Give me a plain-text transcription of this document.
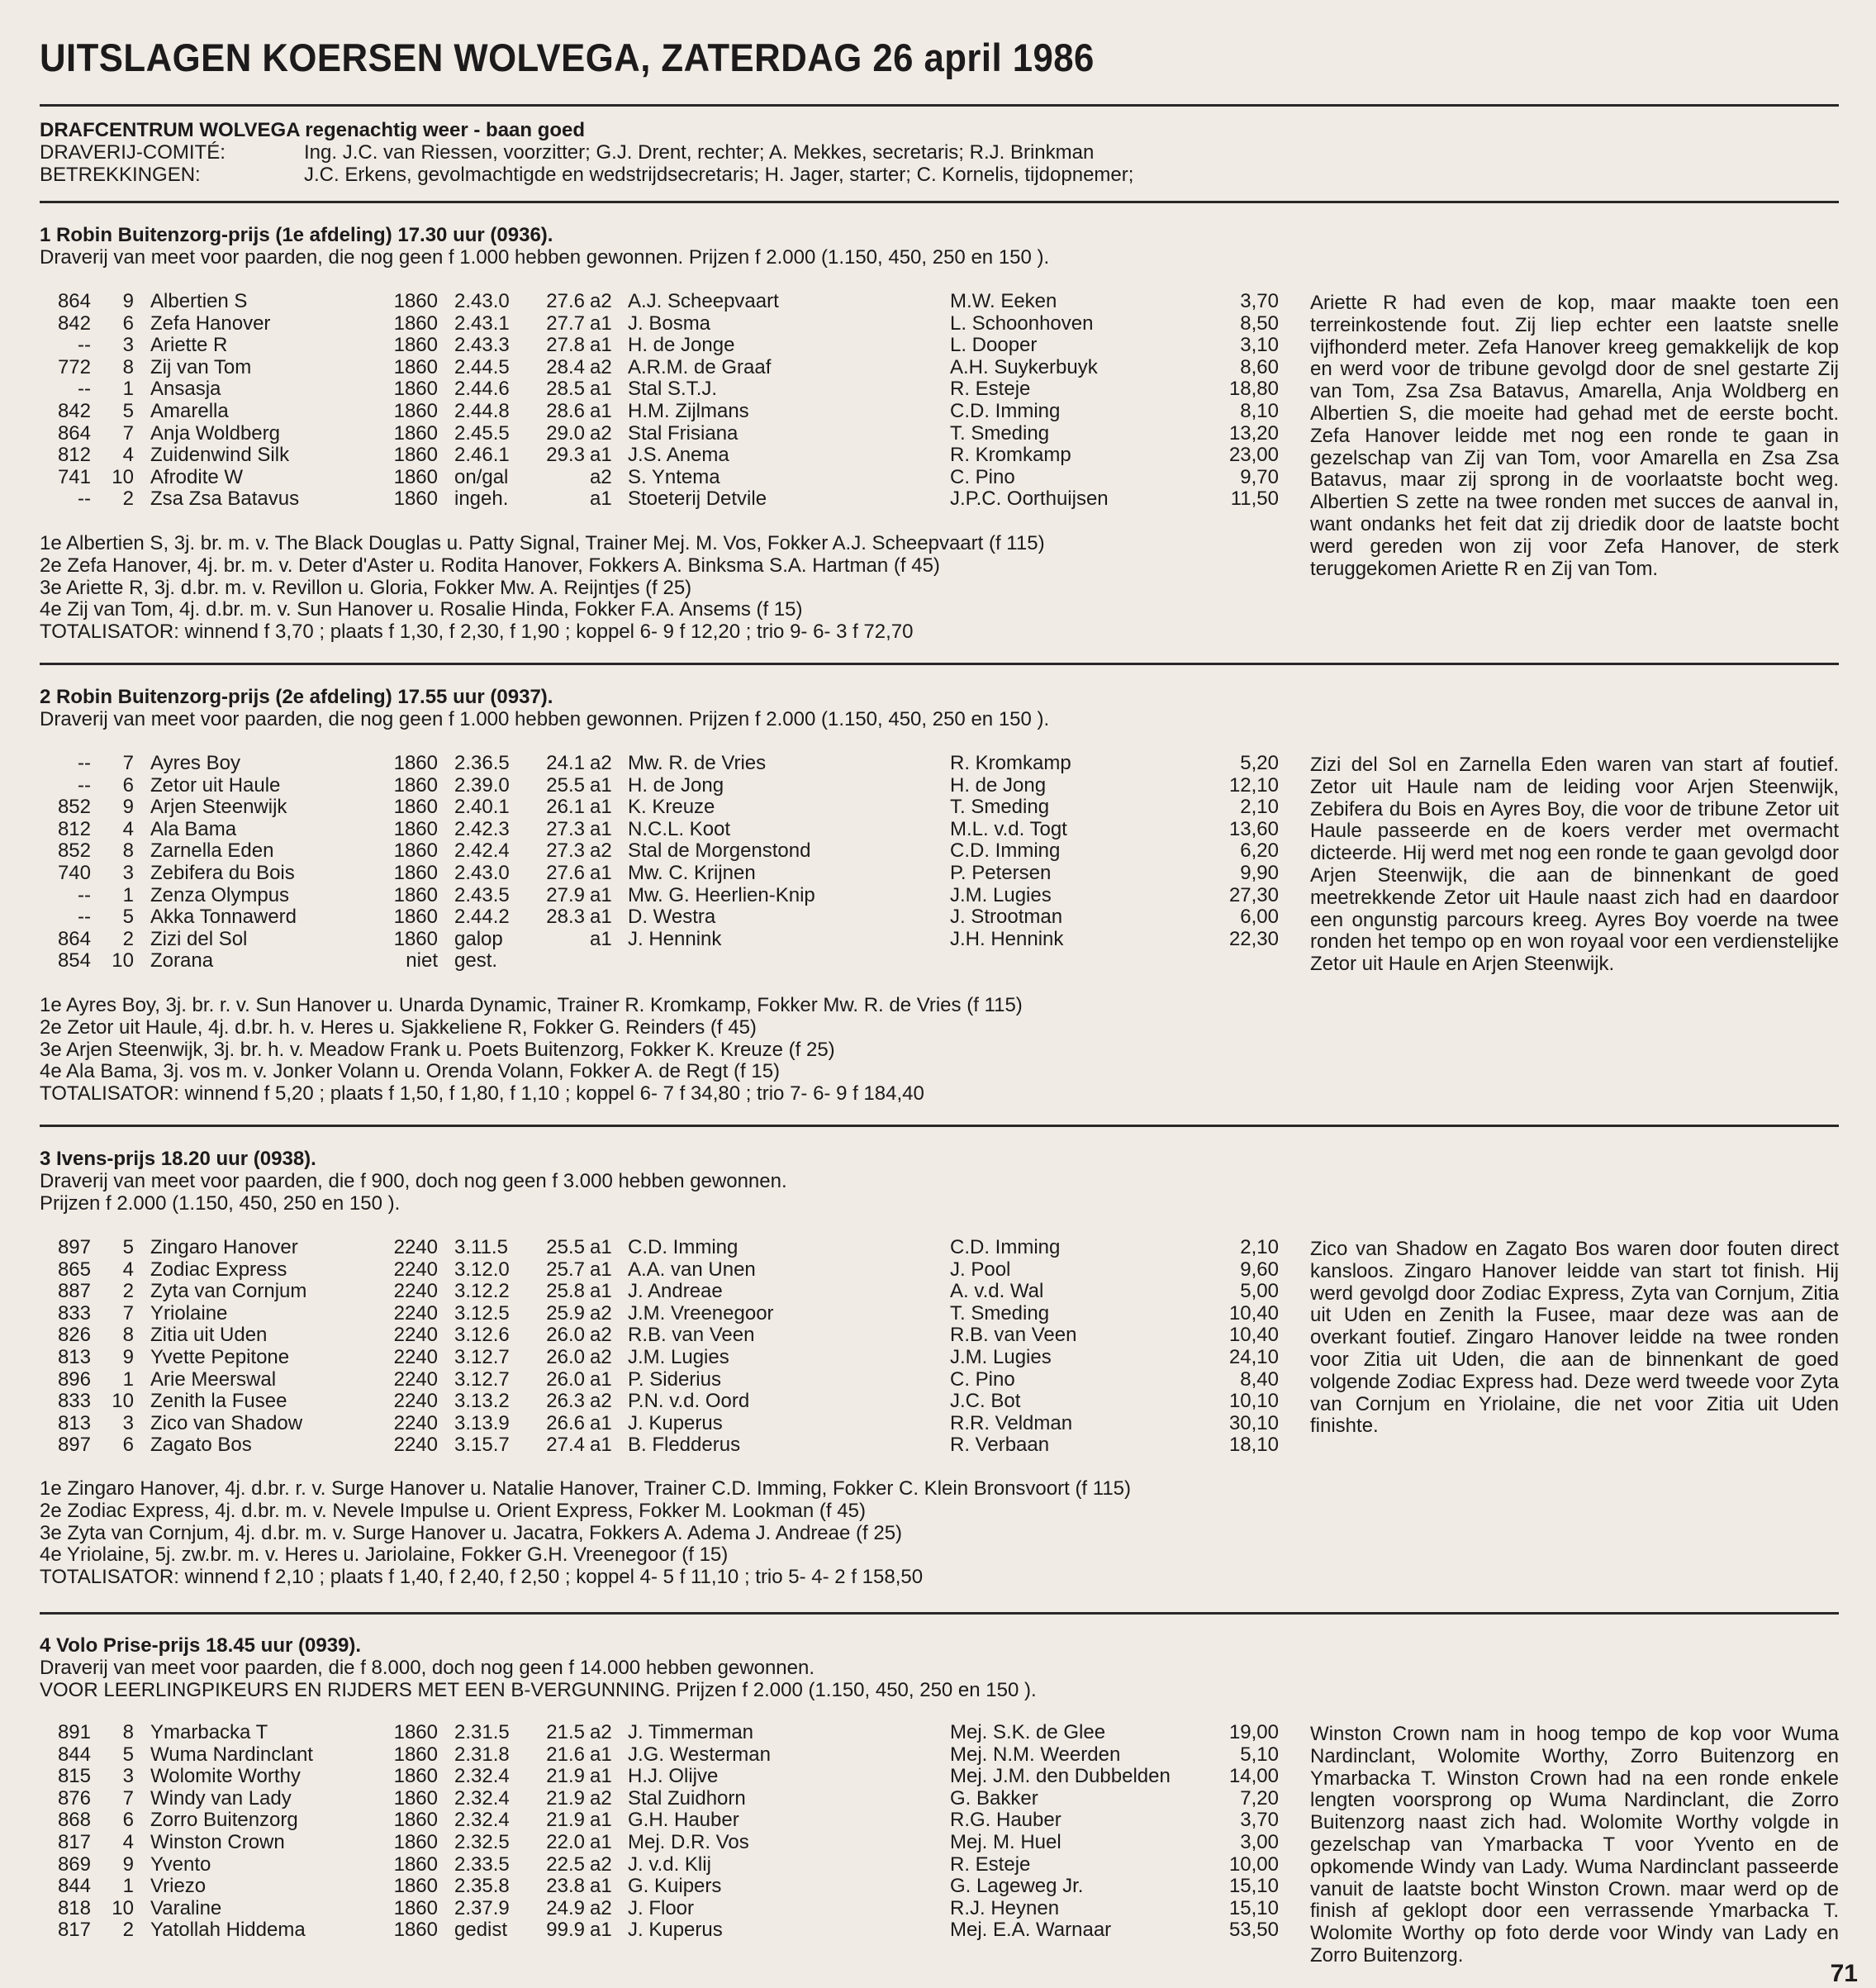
UITSLAGEN KOERSEN WOLVEGA, ZATERDAG 26 april 1986
DRAFCENTRUM WOLVEGA regenachtig weer - baan goed
DRAVERIJ-COMITÉ:	Ing. J.C. van Riessen, voorzitter; G.J. Drent, rechter; A. Mekkes, secretaris; R.J. Brinkman
BETREKKINGEN:	J.C. Erkens, gevolmachtigde en wedstrijdsecretaris; H. Jager, starter; C. Kornelis, tijdopnemer;
1 Robin Buitenzorg-prijs (1e afdeling) 17.30 uur (0936).
Draverij van meet voor paarden, die nog geen f 1.000 hebben gewonnen. Prijzen f 2.000 (1.150, 450, 250 en 150 ).
864	9	Albertien S	1860	2.43.0	27.6	a2	A.J. Scheepvaart	M.W. Eeken	3,70
842	6	Zefa Hanover	1860	2.43.1	27.7	a1	J. Bosma	L. Schoonhoven	8,50
--	3	Ariette R	1860	2.43.3	27.8	a1	H. de Jonge	L. Dooper	3,10
772	8	Zij van Tom	1860	2.44.5	28.4	a2	A.R.M. de Graaf	A.H. Suykerbuyk	8,60
--	1	Ansasja	1860	2.44.6	28.5	a1	Stal S.T.J.	R. Esteje	18,80
842	5	Amarella	1860	2.44.8	28.6	a1	H.M. Zijlmans	C.D. Imming	8,10
864	7	Anja Woldberg	1860	2.45.5	29.0	a2	Stal Frisiana	T. Smeding	13,20
812	4	Zuidenwind Silk	1860	2.46.1	29.3	a1	J.S. Anema	R. Kromkamp	23,00
741	10	Afrodite W	1860	on/gal		a2	S. Yntema	C. Pino	9,70
--	2	Zsa Zsa Batavus	1860	ingeh.		a1	Stoeterij Detvile	J.P.C. Oorthuijsen	11,50
1e Albertien S, 3j. br. m. v. The Black Douglas u. Patty Signal, Trainer Mej. M. Vos, Fokker A.J. Scheepvaart (f 115)
2e Zefa Hanover, 4j. br. m. v. Deter d'Aster u. Rodita Hanover, Fokkers A. Binksma S.A. Hartman (f 45)
3e Ariette R, 3j. d.br. m. v. Revillon u. Gloria, Fokker Mw. A. Reijntjes (f 25)
4e Zij van Tom, 4j. d.br. m. v. Sun Hanover u. Rosalie Hinda, Fokker F.A. Ansems (f 15)
TOTALISATOR: winnend f 3,70 ; plaats f 1,30, f 2,30, f 1,90 ; koppel 6- 9 f 12,20 ; trio 9- 6- 3 f 72,70
Ariette R had even de kop, maar maakte toen een terreinkostende fout. Zij liep echter een laatste snelle vijfhonderd meter. Zefa Hanover kreeg gemakkelijk de kop en werd voor de tribune gevolgd door de snel gestarte Zij van Tom, Zsa Zsa Batavus, Amarella, Anja Woldberg en Albertien S, die moeite had gehad met de eerste bocht. Zefa Hanover leidde met nog een ronde te gaan in gezelschap van Zij van Tom, voor Amarella en Zsa Zsa Batavus, maar zij sprong in de voorlaatste bocht weg. Albertien S zette na twee ronden met succes de aanval in, want ondanks het feit dat zij driedik door de laatste bocht werd gereden won zij voor Zefa Hanover, de sterk teruggekomen Ariette R en Zij van Tom.
2 Robin Buitenzorg-prijs (2e afdeling) 17.55 uur (0937).
Draverij van meet voor paarden, die nog geen f 1.000 hebben gewonnen. Prijzen f 2.000 (1.150, 450, 250 en 150 ).
--	7	Ayres Boy	1860	2.36.5	24.1	a2	Mw. R. de Vries	R. Kromkamp	5,20
--	6	Zetor uit Haule	1860	2.39.0	25.5	a1	H. de Jong	H. de Jong	12,10
852	9	Arjen Steenwijk	1860	2.40.1	26.1	a1	K. Kreuze	T. Smeding	2,10
812	4	Ala Bama	1860	2.42.3	27.3	a1	N.C.L. Koot	M.L. v.d. Togt	13,60
852	8	Zarnella Eden	1860	2.42.4	27.3	a2	Stal de Morgenstond	C.D. Imming	6,20
740	3	Zebifera du Bois	1860	2.43.0	27.6	a1	Mw. C. Krijnen	P. Petersen	9,90
--	1	Zenza Olympus	1860	2.43.5	27.9	a1	Mw. G. Heerlien-Knip	J.M. Lugies	27,30
--	5	Akka Tonnawerd	1860	2.44.2	28.3	a1	D. Westra	J. Strootman	6,00
864	2	Zizi del Sol	1860	galop		a1	J. Hennink	J.H. Hennink	22,30
854	10	Zorana	niet	gest.					
1e Ayres Boy, 3j. br. r. v. Sun Hanover u. Unarda Dynamic, Trainer R. Kromkamp, Fokker Mw. R. de Vries (f 115)
2e Zetor uit Haule, 4j. d.br. h. v. Heres u. Sjakkeliene R, Fokker G. Reinders (f 45)
3e Arjen Steenwijk, 3j. br. h. v. Meadow Frank u. Poets Buitenzorg, Fokker K. Kreuze (f 25)
4e Ala Bama, 3j. vos m. v. Jonker Volann u. Orenda Volann, Fokker A. de Regt (f 15)
TOTALISATOR: winnend f 5,20 ; plaats f 1,50, f 1,80, f 1,10 ; koppel 6- 7 f 34,80 ; trio 7- 6- 9 f 184,40
Zizi del Sol en Zarnella Eden waren van start af foutief. Zetor uit Haule nam de leiding voor Arjen Steenwijk, Zebifera du Bois en Ayres Boy, die voor de tribune Zetor uit Haule passeerde en de koers verder met overmacht dicteerde. Hij werd met nog een ronde te gaan gevolgd door Arjen Steenwijk, die aan de binnenkant de goed meetrekkende Zetor uit Haule naast zich had en daardoor een ongunstig parcours kreeg. Ayres Boy voerde na twee ronden het tempo op en won royaal voor een verdienstelijke Zetor uit Haule en Arjen Steenwijk.
3 Ivens-prijs 18.20 uur (0938).
Draverij van meet voor paarden, die f 900, doch nog geen f 3.000 hebben gewonnen.
Prijzen f 2.000 (1.150, 450, 250 en 150 ).
897	5	Zingaro Hanover	2240	3.11.5	25.5	a1	C.D. Imming	C.D. Imming	2,10
865	4	Zodiac Express	2240	3.12.0	25.7	a1	A.A. van Unen	J. Pool	9,60
887	2	Zyta van Cornjum	2240	3.12.2	25.8	a1	J. Andreae	A. v.d. Wal	5,00
833	7	Yriolaine	2240	3.12.5	25.9	a2	J.M. Vreenegoor	T. Smeding	10,40
826	8	Zitia uit Uden	2240	3.12.6	26.0	a2	R.B. van Veen	R.B. van Veen	10,40
813	9	Yvette Pepitone	2240	3.12.7	26.0	a2	J.M. Lugies	J.M. Lugies	24,10
896	1	Arie Meerswal	2240	3.12.7	26.0	a1	P. Siderius	C. Pino	8,40
833	10	Zenith la Fusee	2240	3.13.2	26.3	a2	P.N. v.d. Oord	J.C. Bot	10,10
813	3	Zico van Shadow	2240	3.13.9	26.6	a1	J. Kuperus	R.R. Veldman	30,10
897	6	Zagato Bos	2240	3.15.7	27.4	a1	B. Fledderus	R. Verbaan	18,10
1e Zingaro Hanover, 4j. d.br. r. v. Surge Hanover u. Natalie Hanover, Trainer C.D. Imming, Fokker C. Klein Bronsvoort (f 115)
2e Zodiac Express, 4j. d.br. m. v. Nevele Impulse u. Orient Express, Fokker M. Lookman (f 45)
3e Zyta van Cornjum, 4j. d.br. m. v. Surge Hanover u. Jacatra, Fokkers A. Adema J. Andreae (f 25)
4e Yriolaine, 5j. zw.br. m. v. Heres u. Jariolaine, Fokker G.H. Vreenegoor (f 15)
TOTALISATOR: winnend f 2,10 ; plaats f 1,40, f 2,40, f 2,50 ; koppel 4- 5 f 11,10 ; trio 5- 4- 2 f 158,50
Zico van Shadow en Zagato Bos waren door fouten direct kansloos. Zingaro Hanover leidde van start tot finish. Hij werd gevolgd door Zodiac Express, Zyta van Cornjum, Zitia uit Uden en Zenith la Fusee, maar deze was aan de overkant foutief. Zingaro Hanover leidde na twee ronden voor Zitia uit Uden, die aan de binnenkant de goed volgende Zodiac Express had. Deze werd tweede voor Zyta van Cornjum en Yriolaine, die net voor Zitia uit Uden finishte.
4 Volo Prise-prijs 18.45 uur (0939).
Draverij van meet voor paarden, die f 8.000, doch nog geen f 14.000 hebben gewonnen.
VOOR LEERLINGPIKEURS EN RIJDERS MET EEN B-VERGUNNING. Prijzen f 2.000 (1.150, 450, 250 en 150 ).
891	8	Ymarbacka T	1860	2.31.5	21.5	a2	J. Timmerman	Mej. S.K. de Glee	19,00
844	5	Wuma Nardinclant	1860	2.31.8	21.6	a1	J.G. Westerman	Mej. N.M. Weerden	5,10
815	3	Wolomite Worthy	1860	2.32.4	21.9	a1	H.J. Olijve	Mej. J.M. den Dubbelden	14,00
876	7	Windy van Lady	1860	2.32.4	21.9	a2	Stal Zuidhorn	G. Bakker	7,20
868	6	Zorro Buitenzorg	1860	2.32.4	21.9	a1	G.H. Hauber	R.G. Hauber	3,70
817	4	Winston Crown	1860	2.32.5	22.0	a1	Mej. D.R. Vos	Mej. M. Huel	3,00
869	9	Yvento	1860	2.33.5	22.5	a2	J. v.d. Klij	R. Esteje	10,00
844	1	Vriezo	1860	2.35.8	23.8	a1	G. Kuipers	G. Lageweg Jr.	15,10
818	10	Varaline	1860	2.37.9	24.9	a2	J. Floor	R.J. Heynen	15,10
817	2	Yatollah Hiddema	1860	gedist	99.9	a1	J. Kuperus	Mej. E.A. Warnaar	53,50
Winston Crown nam in hoog tempo de kop voor Wuma Nardinclant, Wolomite Worthy, Zorro Buitenzorg en Ymarbacka T. Winston Crown had na een ronde enkele lengten voorsprong op Wuma Nardinclant, die Zorro Buitenzorg naast zich had. Wolomite Worthy volgde in gezelschap van Ymarbacka T voor Yvento en de opkomende Windy van Lady. Wuma Nardinclant passeerde vanuit de laatste bocht Winston Crown. maar werd op de finish af geklopt door een verrassende Ymarbacka T. Wolomite Worthy op foto derde voor Windy van Lady en Zorro Buitenzorg.
71
